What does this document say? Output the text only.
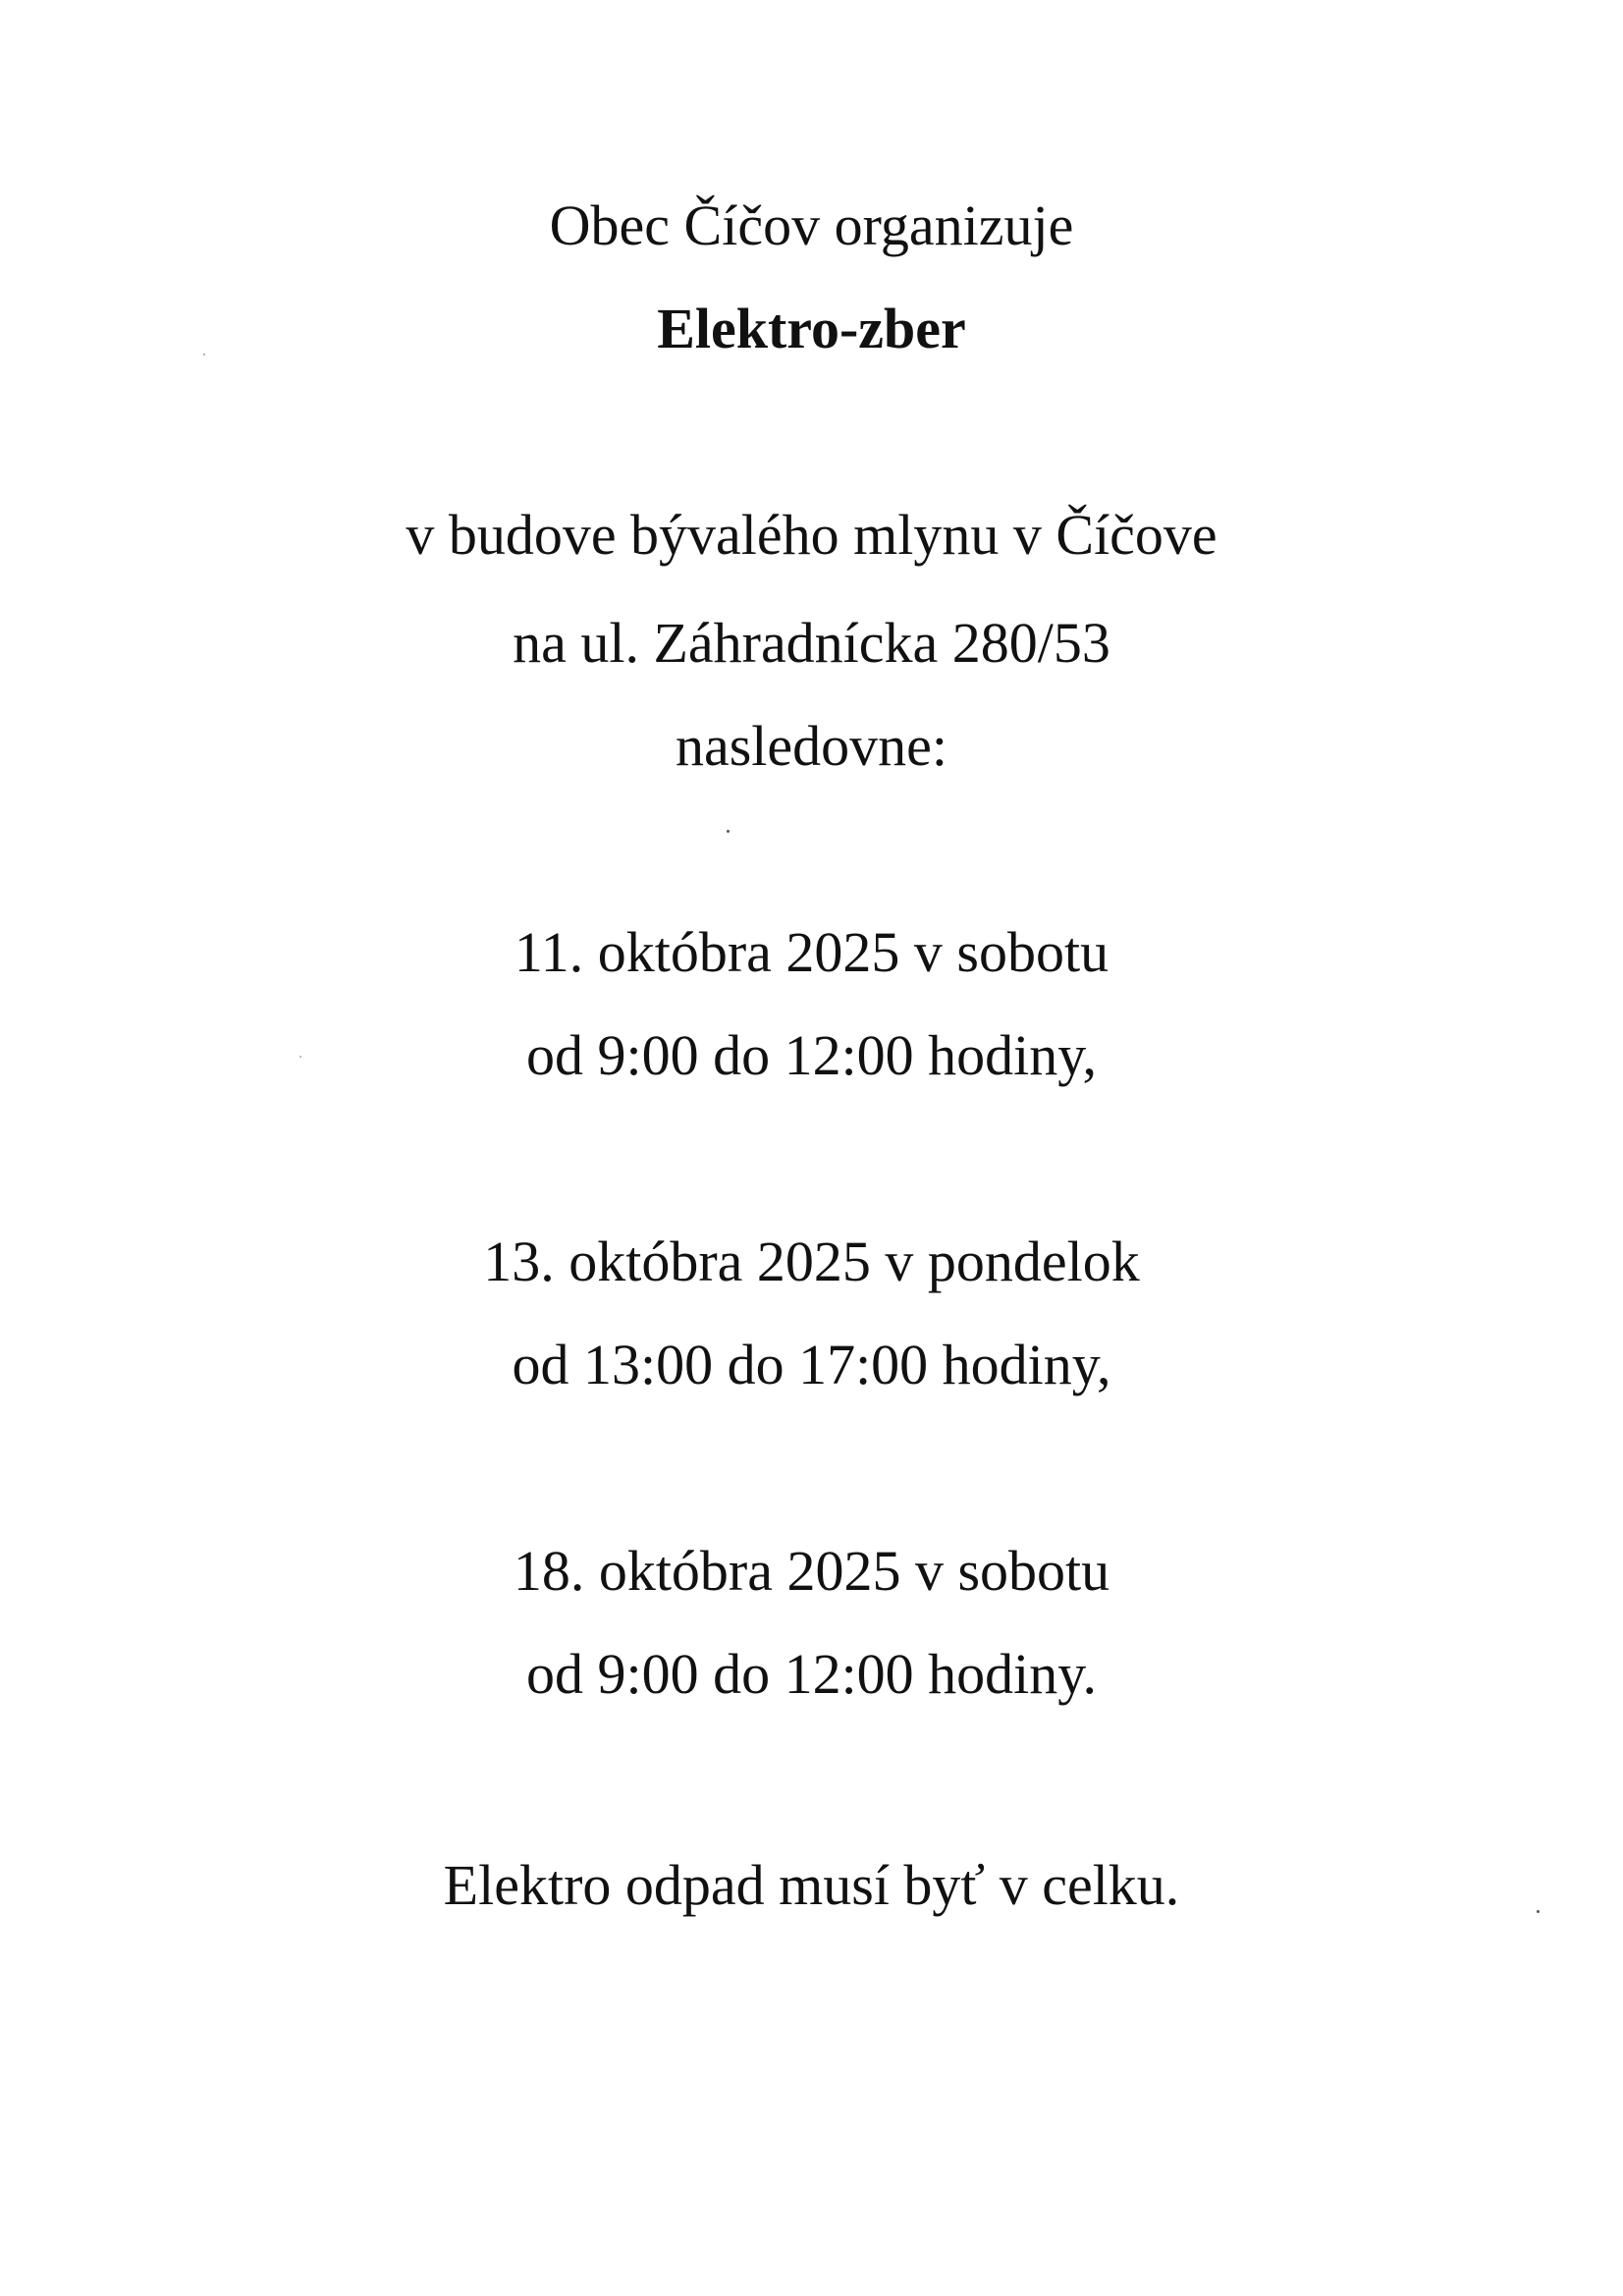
Obec Číčov organizuje
Elektro-zber
v budove bývalého mlynu v Číčove
na ul. Záhradnícka 280/53
nasledovne:
11. októbra 2025 v sobotu
od 9:00 do 12:00 hodiny,
13. októbra 2025 v pondelok
od 13:00 do 17:00 hodiny,
18. októbra 2025 v sobotu
od 9:00 do 12:00 hodiny.
Elektro odpad musí byť v celku.
